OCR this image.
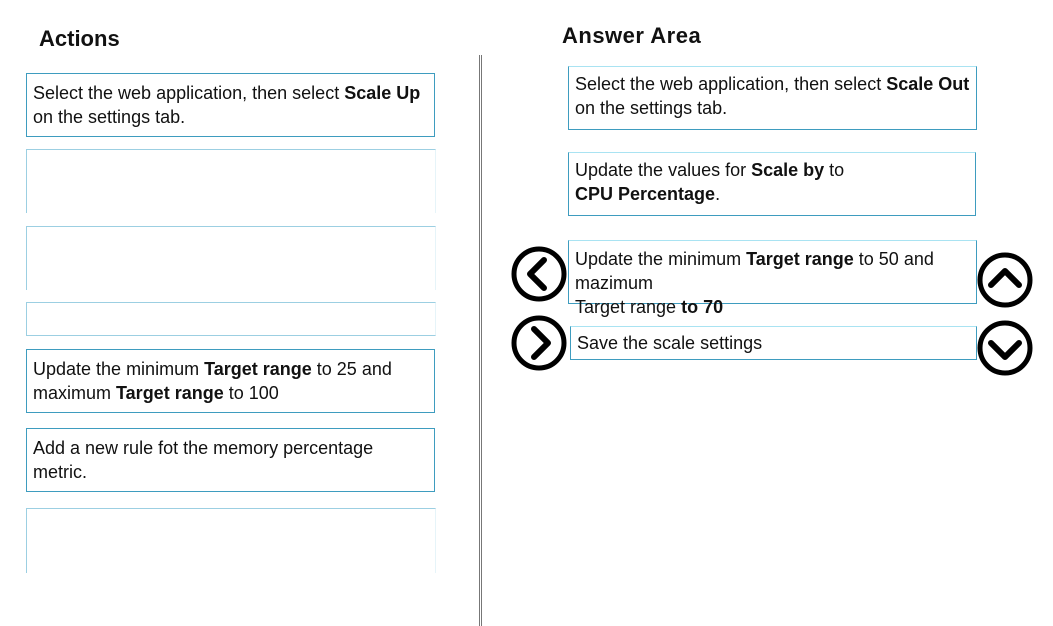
Actions	Answer Area
Select the web application, then select Scale Up on the settings tab.
Update the minimum Target range to 25 and maximum Target range to 100
Add a new rule fot the memory percentage metric.
Select the web application, then select Scale Out on the settings tab.
Update the values for Scale by to
CPU Percentage.
Update the minimum Target range to 50 and mazimum
Target range to 70
Save the scale settings
